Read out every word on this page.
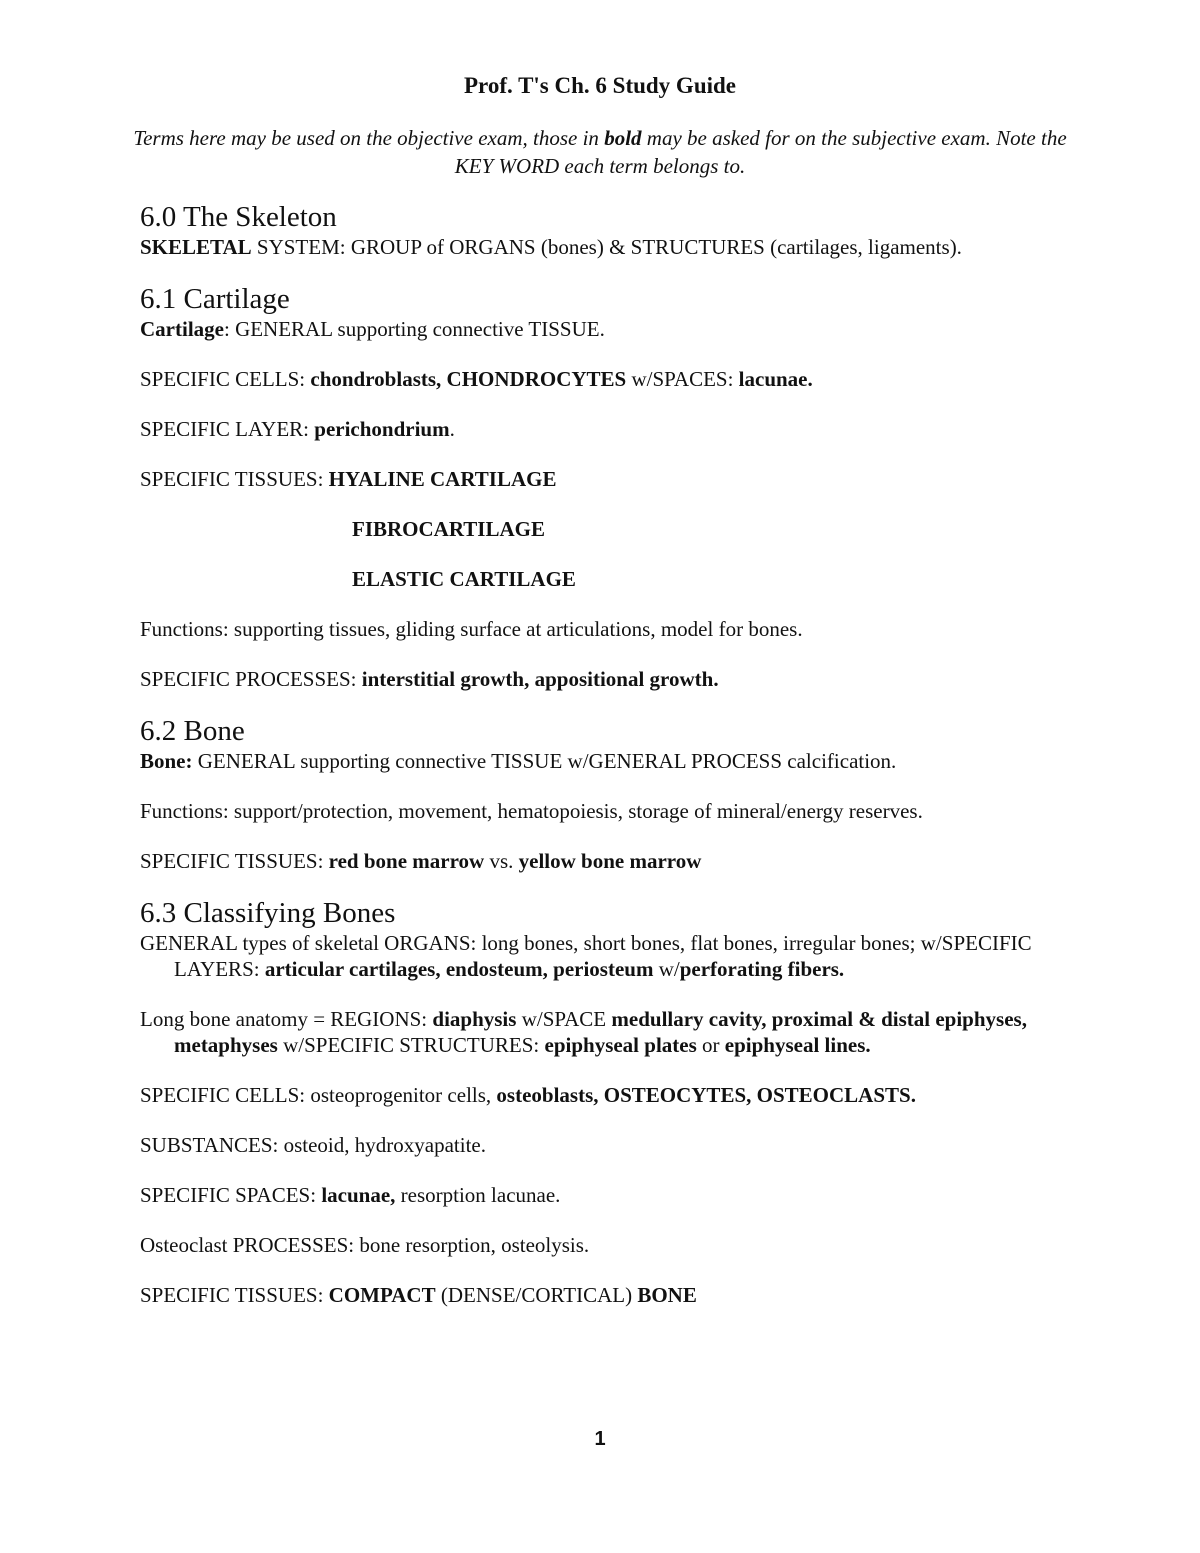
Prof. T's Ch. 6 Study Guide
Terms here may be used on the objective exam, those in bold may be asked for on the subjective exam. Note the KEY WORD each term belongs to.
6.0 The Skeleton

SKELETAL SYSTEM: GROUP of ORGANS (bones) & STRUCTURES (cartilages, ligaments).

6.1 Cartilage

Cartilage: GENERAL supporting connective TISSUE.

SPECIFIC CELLS: chondroblasts, CHONDROCYTES w/SPACES: lacunae.

SPECIFIC LAYER: perichondrium.

SPECIFIC TISSUES: HYALINE CARTILAGE

FIBROCARTILAGE

ELASTIC CARTILAGE

Functions: supporting tissues, gliding surface at articulations, model for bones.

SPECIFIC PROCESSES: interstitial growth, appositional growth.

6.2 Bone

Bone: GENERAL supporting connective TISSUE w/GENERAL PROCESS calcification.

Functions: support/protection, movement, hematopoiesis, storage of mineral/energy reserves.

SPECIFIC TISSUES: red bone marrow vs. yellow bone marrow

6.3 Classifying Bones

GENERAL types of skeletal ORGANS: long bones, short bones, flat bones, irregular bones; w/SPECIFIC LAYERS: articular cartilages, endosteum, periosteum w/perforating fibers.

Long bone anatomy = REGIONS: diaphysis w/SPACE medullary cavity, proximal & distal epiphyses, metaphyses w/SPECIFIC STRUCTURES: epiphyseal plates or epiphyseal lines.

SPECIFIC CELLS: osteoprogenitor cells, osteoblasts, OSTEOCYTES, OSTEOCLASTS.

SUBSTANCES: osteoid, hydroxyapatite.

SPECIFIC SPACES: lacunae, resorption lacunae.

Osteoclast PROCESSES: bone resorption, osteolysis.

SPECIFIC TISSUES: COMPACT (DENSE/CORTICAL) BONE

1
